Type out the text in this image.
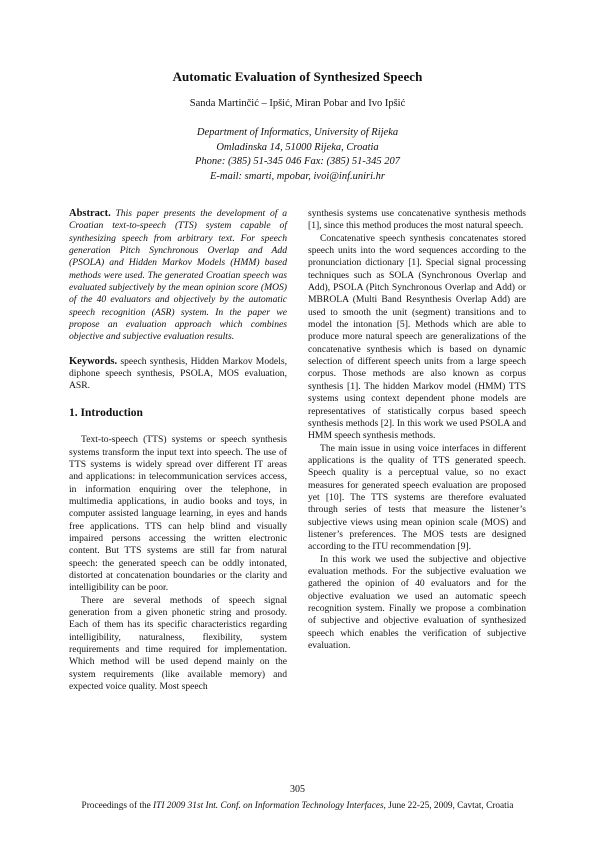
Automatic Evaluation of Synthesized Speech
Sanda Martinčić – Ipšić, Miran Pobar and Ivo Ipšić
Department of Informatics, University of Rijeka
Omladinska 14, 51000 Rijeka, Croatia
Phone: (385) 51-345 046 Fax: (385) 51-345 207
E-mail: smarti, mpobar, ivoi@inf.uniri.hr

Abstract. This paper presents the development of a Croatian text-to-speech (TTS) system capable of synthesizing speech from arbitrary text. For speech generation Pitch Synchronous Overlap and Add (PSOLA) and Hidden Markov Models (HMM) based methods were used. The generated Croatian speech was evaluated subjectively by the mean opinion score (MOS) of the 40 evaluators and objectively by the automatic speech recognition (ASR) system. In the paper we propose an evaluation approach which combines objective and subjective evaluation results.

Keywords. speech synthesis, Hidden Markov Models, diphone speech synthesis, PSOLA, MOS evaluation, ASR.

1. Introduction

Text-to-speech (TTS) systems or speech synthesis systems transform the input text into speech. The use of TTS systems is widely spread over different IT areas and applications: in telecommunication services access, in information enquiring over the telephone, in multimedia applications, in audio books and toys, in computer assisted language learning, in eyes and hands free applications. TTS can help blind and visually impaired persons accessing the written electronic content. But TTS systems are still far from natural speech: the generated speech can be oddly intonated, distorted at concatenation boundaries or the clarity and intelligibility can be poor.

There are several methods of speech signal generation from a given phonetic string and prosody. Each of them has its specific characteristics regarding intelligibility, naturalness, flexibility, system requirements and time required for implementation. Which method will be used depend mainly on the system requirements (like available memory) and expected voice quality. Most speech

synthesis systems use concatenative synthesis methods [1], since this method produces the most natural speech.

Concatenative speech synthesis concatenates stored speech units into the word sequences according to the pronunciation dictionary [1]. Special signal processing techniques such as SOLA (Synchronous Overlap and Add), PSOLA (Pitch Synchronous Overlap and Add) or MBROLA (Multi Band Resynthesis Overlap Add) are used to smooth the unit (segment) transitions and to model the intonation [5]. Methods which are able to produce more natural speech are generalizations of the concatenative synthesis which is based on dynamic selection of different speech units from a large speech corpus. Those methods are also known as corpus synthesis [1]. The hidden Markov model (HMM) TTS systems using context dependent phone models are representatives of statistically corpus based speech synthesis methods [2]. In this work we used PSOLA and HMM speech synthesis methods.

The main issue in using voice interfaces in different applications is the quality of TTS generated speech. Speech quality is a perceptual value, so no exact measures for generated speech evaluation are proposed yet [10]. The TTS systems are therefore evaluated through series of tests that measure the listener’s subjective views using mean opinion scale (MOS) and listener’s preferences. The MOS tests are designed according to the ITU recommendation [9].

In this work we used the subjective and objective evaluation methods. For the subjective evaluation we gathered the opinion of 40 evaluators and for the objective evaluation we used an automatic speech recognition system. Finally we propose a combination of subjective and objective evaluation of synthesized speech which enables the verification of subjective evaluation.

305
Proceedings of the ITI 2009 31st Int. Conf. on Information Technology Interfaces, June 22-25, 2009, Cavtat, Croatia
